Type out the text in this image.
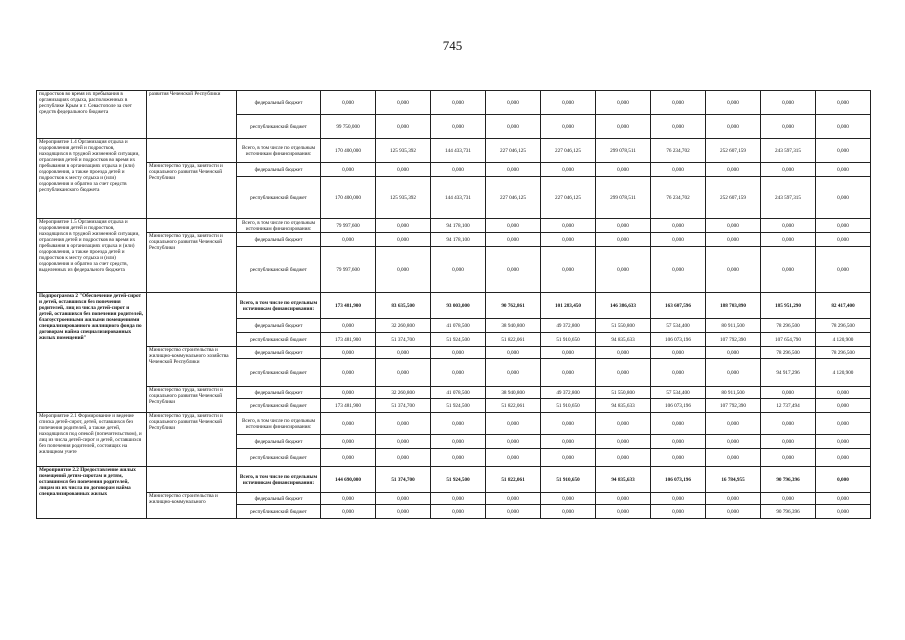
745
подростков во время их пребывания в организациях отдыха, расположенных в республике Крым и г. Севастополе за счет средств федерального бюджета	развития Чеченской Республики	федеральный бюджет	0,000	0,000	0,000	0,000	0,000	0,000	0,000	0,000	0,000	0,000
		республиканский бюджет	99 750,000	0,000	0,000	0,000	0,000	0,000	0,000	0,000	0,000	0,000
Мероприятие 1.4 Организация отдыха и оздоровления детей и подростков, находящихся в трудной жизненной ситуации, отрасления детей и подростков во время их пребывания в организациях отдыха и (или) оздоровления, а также проезда детей и подростков к месту отдыха и (или) оздоровления и обратно за счет средств республиканского бюджета		Всего, в том числе по отдельным источникам финансирования:	170 400,000	125 935,392	144 433,731	227 046,125	227 046,125	299 078,511	76 234,702	252 607,159	243 597,315	0,000
	Министерство труда, занятости и социального развития Чеченской Республики	федеральный бюджет	0,000	0,000	0,000	0,000	0,000	0,000	0,000	0,000	0,000	0,000
		республиканский бюджет	170 400,000	125 935,392	144 433,731	227 046,125	227 046,125	299 078,511	76 234,702	252 607,159	243 597,315	0,000
Мероприятие 1.5 Организация отдыха и оздоровления детей и подростков, находящихся в трудной жизненной ситуации, отрасления детей и подростков во время их пребывания в организациях отдыха и (или) оздоровления, а также проезда детей и подростков к месту отдыха и (или) оздоровления и обратно за счет средств, выделенных из федерального бюджета		Всего, в том числе по отдельным источникам финансирования:	79 997,600	0,000	94 178,100	0,000	0,000	0,000	0,000	0,000	0,000	0,000
	Министерство труда, занятости и социального развития Чеченской Республики	федеральный бюджет	0,000	0,000	94 178,100	0,000	0,000	0,000	0,000	0,000	0,000	0,000
		республиканский бюджет	79 997,600	0,000	0,000	0,000	0,000	0,000	0,000	0,000	0,000	0,000
Подпрограмма 2 "Обеспечение детей-сирот и детей, оставшихся без попечения родителей, лиц из числа детей-сирот и детей, оставшихся без попечения родителей, благоустроенными жилыми помещениями специализированного жилищного фонда по договорам найма специализированных жилых помещений"		Всего, в том числе по отдельным источникам финансирования:	173 481,900	83 635,500	93 003,000	90 762,861	101 283,450	146 386,633	163 607,596	188 703,890	185 951,290	82 417,400
		федеральный бюджет	0,000	32 260,800	41 078,500	38 940,800	49 372,800	51 550,800	57 534,400	80 911,500	78 296,500	78 296,500
		республиканский бюджет	173 481,900	51 374,700	51 924,500	51 822,061	51 910,650	94 835,633	106 073,196	107 792,390	107 654,790	4 120,900
	Министерство строительства и жилищно-коммунального хозяйства Чеченской Республики	федеральный бюджет	0,000	0,000	0,000	0,000	0,000	0,000	0,000	0,000	78 296,500	78 296,500
		республиканский бюджет	0,000	0,000	0,000	0,000	0,000	0,000	0,000	0,000	94 917,296	4 120,900
	Министерство труда, занятости и социального развития Чеченской Республики	федеральный бюджет	0,000	32 260,800	41 078,500	38 940,800	49 372,800	51 550,800	57 534,400	80 911,500	0,000	0,000
		республиканский бюджет	173 481,900	51 374,700	51 924,500	51 822,061	51 910,650	94 835,633	106 073,196	107 792,390	12 737,494	0,000
Мероприятие 2.1 Формирование и ведение списка детей-сирот, детей, оставшихся без попечения родителей, а также детей, находящихся под опекой (попечительством), и лиц из числа детей-сирот и детей, оставшихся без попечения родителей, состоящих на жилищном учете	Министерство труда, занятости и социального развития Чеченской Республики	Всего, в том числе по отдельным источникам финансирования:	0,000	0,000	0,000	0,000	0,000	0,000	0,000	0,000	0,000	0,000
		федеральный бюджет	0,000	0,000	0,000	0,000	0,000	0,000	0,000	0,000	0,000	0,000
		республиканский бюджет	0,000	0,000	0,000	0,000	0,000	0,000	0,000	0,000	0,000	0,000
Мероприятие 2.2 Предоставление жилых помещений детям-сиротам и детям, оставшимся без попечения родителей, лицам из их числа по договорам найма специализированных жилых		Всего, в том числе по отдельным источникам финансирования:	144 690,000	51 374,700	51 924,500	51 822,061	51 910,650	94 835,633	106 073,196	16 784,955	90 796,396	0,000
	Министерство строительства и жилищно-коммунального	федеральный бюджет	0,000	0,000	0,000	0,000	0,000	0,000	0,000	0,000	0,000	0,000
		республиканский бюджет	0,000	0,000	0,000	0,000	0,000	0,000	0,000	0,000	90 796,396	0,000
